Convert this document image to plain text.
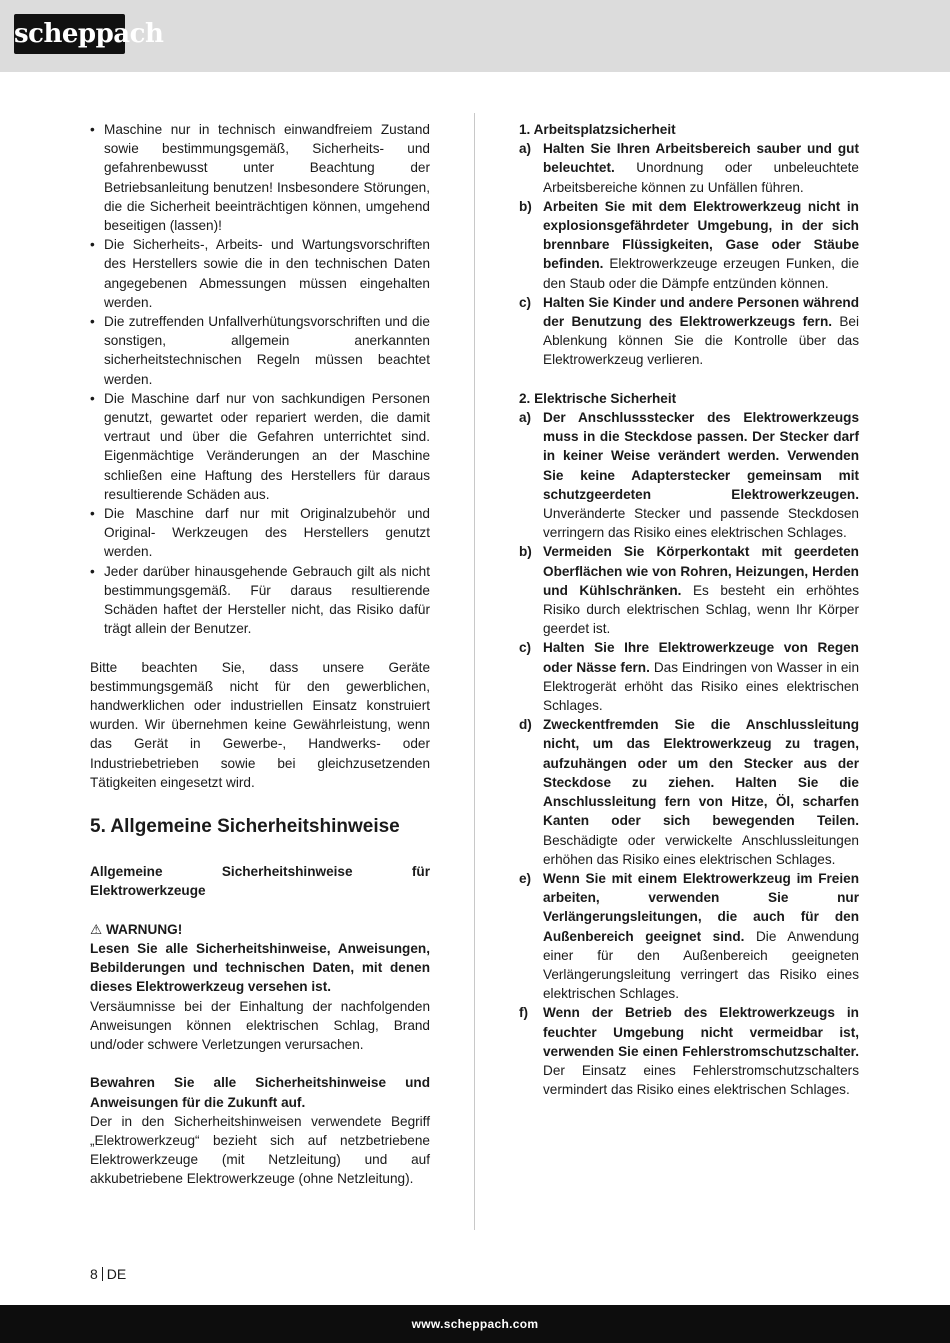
scheppach
• Maschine nur in technisch einwandfreiem Zustand sowie bestimmungsgemäß, Sicherheits- und gefahrenbewusst unter Beachtung der Betriebsanleitung benutzen! Insbesondere Störungen, die die Sicherheit beeinträchtigen können, umgehend beseitigen (lassen)!
• Die Sicherheits-, Arbeits- und Wartungsvorschriften des Herstellers sowie die in den technischen Daten angegebenen Abmessungen müssen eingehalten werden.
• Die zutreffenden Unfallverhütungsvorschriften und die sonstigen, allgemein anerkannten sicherheitstechnischen Regeln müssen beachtet werden.
• Die Maschine darf nur von sachkundigen Personen genutzt, gewartet oder repariert werden, die damit vertraut und über die Gefahren unterrichtet sind. Eigenmächtige Veränderungen an der Maschine schließen eine Haftung des Herstellers für daraus resultierende Schäden aus.
• Die Maschine darf nur mit Originalzubehör und Original- Werkzeugen des Herstellers genutzt werden.
• Jeder darüber hinausgehende Gebrauch gilt als nicht bestimmungsgemäß. Für daraus resultierende Schäden haftet der Hersteller nicht, das Risiko dafür trägt allein der Benutzer.

Bitte beachten Sie, dass unsere Geräte bestimmungsgemäß nicht für den gewerblichen, handwerklichen oder industriellen Einsatz konstruiert wurden. Wir übernehmen keine Gewährleistung, wenn das Gerät in Gewerbe-, Handwerks- oder Industriebetrieben sowie bei gleichzusetzenden Tätigkeiten eingesetzt wird.

5. Allgemeine Sicherheitshinweise

Allgemeine Sicherheitshinweise für Elektrowerkzeuge

⚠ WARNUNG!

Lesen Sie alle Sicherheitshinweise, Anweisungen, Bebilderungen und technischen Daten, mit denen dieses Elektrowerkzeug versehen ist.

Versäumnisse bei der Einhaltung der nachfolgenden Anweisungen können elektrischen Schlag, Brand und/oder schwere Verletzungen verursachen.

Bewahren Sie alle Sicherheitshinweise und Anweisungen für die Zukunft auf.

Der in den Sicherheitshinweisen verwendete Begriff „Elektrowerkzeug“ bezieht sich auf netzbetriebene Elektrowerkzeuge (mit Netzleitung) und auf akkubetriebene Elektrowerkzeuge (ohne Netzleitung).

1. Arbeitsplatzsicherheit

a) Halten Sie Ihren Arbeitsbereich sauber und gut beleuchtet. Unordnung oder unbeleuchtete Arbeitsbereiche können zu Unfällen führen.
b) Arbeiten Sie mit dem Elektrowerkzeug nicht in explosionsgefährdeter Umgebung, in der sich brennbare Flüssigkeiten, Gase oder Stäube befinden. Elektrowerkzeuge erzeugen Funken, die den Staub oder die Dämpfe entzünden können.
c) Halten Sie Kinder und andere Personen während der Benutzung des Elektrowerkzeugs fern. Bei Ablenkung können Sie die Kontrolle über das Elektrowerkzeug verlieren.

2. Elektrische Sicherheit

a) Der Anschlussstecker des Elektrowerkzeugs muss in die Steckdose passen. Der Stecker darf in keiner Weise verändert werden. Verwenden Sie keine Adapterstecker gemeinsam mit schutzgeerdeten Elektrowerkzeugen. Unveränderte Stecker und passende Steckdosen verringern das Risiko eines elektrischen Schlages.
b) Vermeiden Sie Körperkontakt mit geerdeten Oberflächen wie von Rohren, Heizungen, Herden und Kühlschränken. Es besteht ein erhöhtes Risiko durch elektrischen Schlag, wenn Ihr Körper geerdet ist.
c) Halten Sie Ihre Elektrowerkzeuge von Regen oder Nässe fern. Das Eindringen von Wasser in ein Elektrogerät erhöht das Risiko eines elektrischen Schlages.
d) Zweckentfremden Sie die Anschlussleitung nicht, um das Elektrowerkzeug zu tragen, aufzuhängen oder um den Stecker aus der Steckdose zu ziehen. Halten Sie die Anschlussleitung fern von Hitze, Öl, scharfen Kanten oder sich bewegenden Teilen. Beschädigte oder verwickelte Anschlussleitungen erhöhen das Risiko eines elektrischen Schlages.
e) Wenn Sie mit einem Elektrowerkzeug im Freien arbeiten, verwenden Sie nur Verlängerungsleitungen, die auch für den Außenbereich geeignet sind. Die Anwendung einer für den Außenbereich geeigneten Verlängerungsleitung verringert das Risiko eines elektrischen Schlages.
f) Wenn der Betrieb des Elektrowerkzeugs in feuchter Umgebung nicht vermeidbar ist, verwenden Sie einen Fehlerstromschutzschalter. Der Einsatz eines Fehlerstromschutzschalters vermindert das Risiko eines elektrischen Schlages.
8 DE
www.scheppach.com
